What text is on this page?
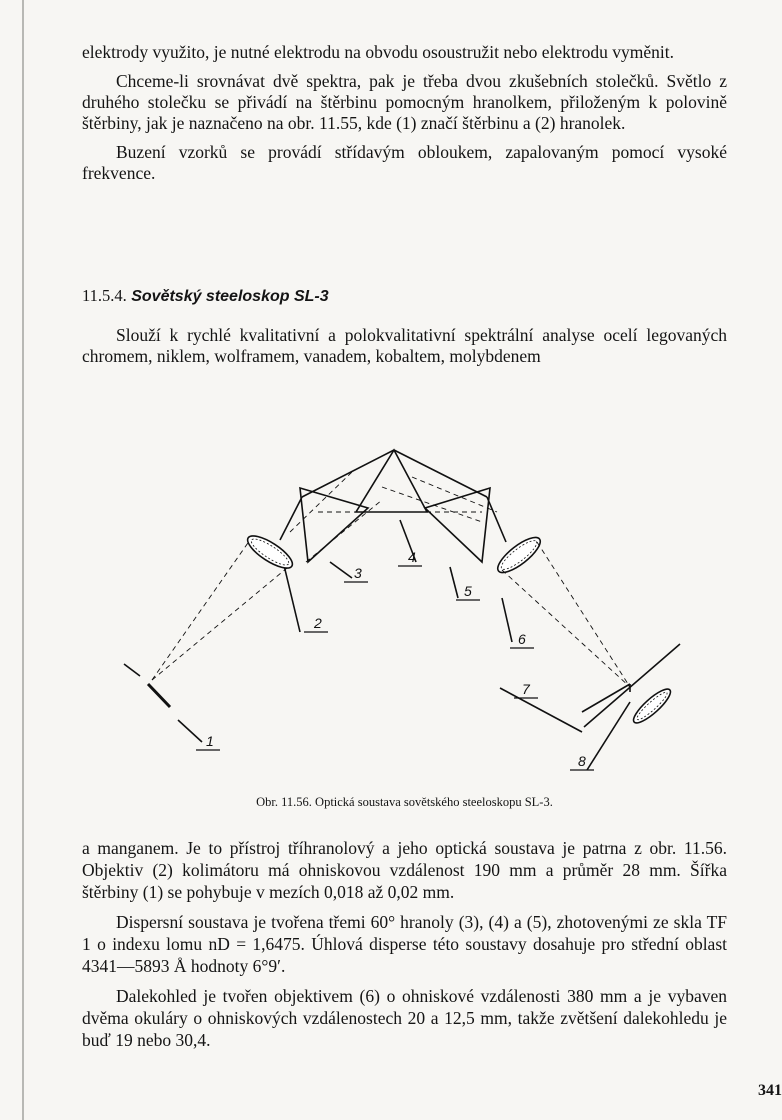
elektrody využito, je nutné elektrodu na obvodu osoustružit nebo elektrodu vyměnit.

Chceme-li srovnávat dvě spektra, pak je třeba dvou zkušebních stolečků. Světlo z druhého stolečku se přivádí na štěrbinu pomocným hranolkem, přiloženým k polovině štěrbiny, jak je naznačeno na obr. 11.55, kde (1) značí štěrbinu a (2) hranolek.

Buzení vzorků se provádí střídavým obloukem, zapalovaným pomocí vysoké frekvence.

11.5.4. Sovětský steeloskop SL-3

Slouží k rychlé kvalitativní a polokvalitativní spektrální analyse ocelí legovaných chromem, niklem, wolframem, vanadem, kobaltem, molybdenem

1
2
3
4
5
6
7
8
Obr. 11.56. Optická soustava sovětského steeloskopu SL-3.

a manganem. Je to přístroj tříhranolový a jeho optická soustava je patrna z obr. 11.56. Objektiv (2) kolimátoru má ohniskovou vzdálenost 190 mm a průměr 28 mm. Šířka štěrbiny (1) se pohybuje v mezích 0,018 až 0,02 mm.

Dispersní soustava je tvořena třemi 60° hranoly (3), (4) a (5), zhotovenými ze skla TF 1 o indexu lomu nD = 1,6475. Úhlová disperse této soustavy dosahuje pro střední oblast 4341—5893 Å hodnoty 6°9′.

Dalekohled je tvořen objektivem (6) o ohniskové vzdálenosti 380 mm a je vybaven dvěma okuláry o ohniskových vzdálenostech 20 a 12,5 mm, takže zvětšení dalekohledu je buď 19 nebo 30,4.

341
